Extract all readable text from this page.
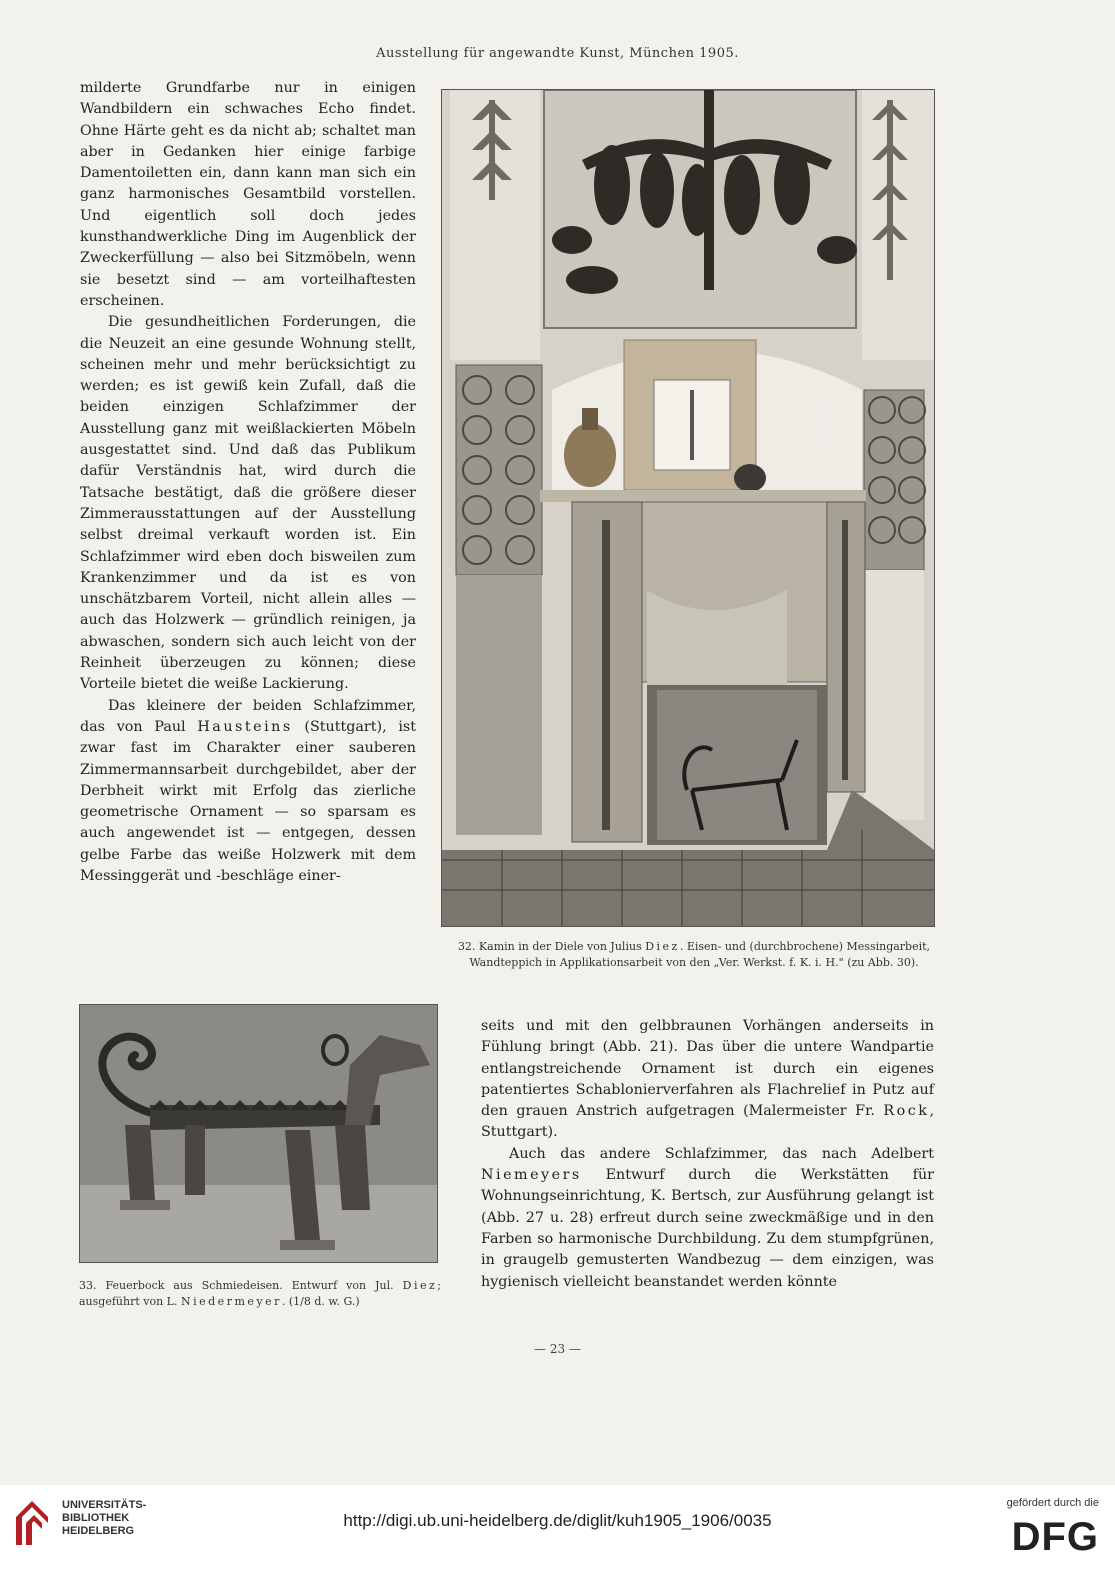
Ausstellung für angewandte Kunst, München 1905.

milderte Grundfarbe nur in einigen Wandbildern ein schwaches Echo findet. Ohne Härte geht es da nicht ab; schaltet man aber in Gedanken hier einige farbige Damentoiletten ein, dann kann man sich ein ganz harmonisches Gesamtbild vorstellen. Und eigentlich soll doch jedes kunsthandwerkliche Ding im Augenblick der Zweckerfüllung — also bei Sitzmöbeln, wenn sie besetzt sind — am vorteilhaftesten erscheinen.

Die gesundheitlichen Forderungen, die die Neuzeit an eine gesunde Wohnung stellt, scheinen mehr und mehr berücksichtigt zu werden; es ist gewiß kein Zufall, daß die beiden einzigen Schlafzimmer der Ausstellung ganz mit weißlackierten Möbeln ausgestattet sind. Und daß das Publikum dafür Verständnis hat, wird durch die Tatsache bestätigt, daß die größere dieser Zimmerausstattungen auf der Ausstellung selbst dreimal verkauft worden ist. Ein Schlafzimmer wird eben doch bisweilen zum Krankenzimmer und da ist es von unschätzbarem Vorteil, nicht allein alles — auch das Holzwerk — gründlich reinigen, ja abwaschen, sondern sich auch leicht von der Reinheit überzeugen zu können; diese Vorteile bietet die weiße Lackierung.

Das kleinere der beiden Schlafzimmer, das von Paul Hausteins (Stuttgart), ist zwar fast im Charakter einer sauberen Zimmermannsarbeit durchgebildet, aber der Derbheit wirkt mit Erfolg das zierliche geometrische Ornament — so sparsam es auch angewendet ist — entgegen, dessen gelbe Farbe das weiße Holzwerk mit dem Messinggerät und -beschläge einer-

32. Kamin in der Diele von Julius Diez. Eisen- und (durchbrochene) Messingarbeit, Wandteppich in Applikationsarbeit von den „Ver. Werkst. f. K. i. H." (zu Abb. 30).
33. Feuerbock aus Schmiedeisen. Entwurf von Jul. Diez; ausgeführt von L. Niedermeyer. (1/8 d. w. G.)

seits und mit den gelbbraunen Vorhängen anderseits in Fühlung bringt (Abb. 21). Das über die untere Wandpartie entlangstreichende Ornament ist durch ein eigenes patentiertes Schablonierverfahren als Flachrelief in Putz auf den grauen Anstrich aufgetragen (Malermeister Fr. Rock, Stuttgart).

Auch das andere Schlafzimmer, das nach Adelbert Niemeyers Entwurf durch die Werkstätten für Wohnungseinrichtung, K. Bertsch, zur Ausführung gelangt ist (Abb. 27 u. 28) erfreut durch seine zweckmäßige und in den Farben so harmonische Durchbildung. Zu dem stumpfgrünen, in graugelb gemusterten Wandbezug — dem einzigen, was hygienisch vielleicht beanstandet werden könnte

— 23 —
UNIVERSITÄTS-
BIBLIOTHEK
HEIDELBERG
http://digi.ub.uni-heidelberg.de/diglit/kuh1905_1906/0035
gefördert durch die
DFG
